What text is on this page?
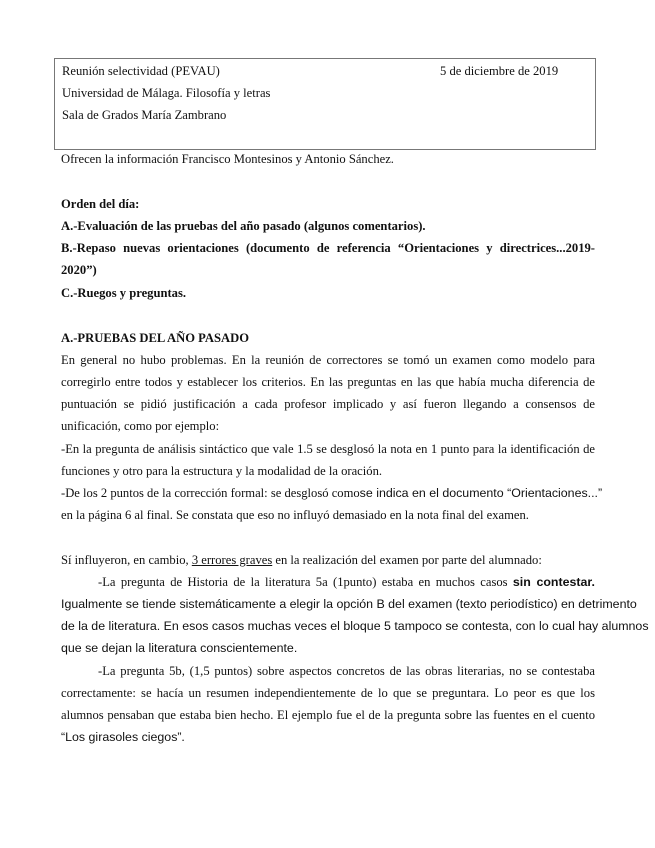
Reunión selectividad (PEVAU)	5 de diciembre de 2019
Universidad de Málaga. Filosofía y letras
Sala de Grados María Zambrano
Ofrecen la información Francisco Montesinos y Antonio Sánchez.
Orden del día:
A.-Evaluación de las pruebas del año pasado (algunos comentarios).
B.-Repaso nuevas orientaciones (documento de referencia “Orientaciones y directrices...2019-
2020”)
C.-Ruegos y preguntas.
A.-PRUEBAS DEL AÑO PASADO
En general no hubo problemas. En la reunión de correctores se tomó un examen como modelo para
corregirlo entre todos y establecer los criterios. En las preguntas en las que había mucha diferencia de
puntuación se pidió justificación a cada profesor implicado y así fueron llegando a consensos de
unificación, como por ejemplo:
-En la pregunta de análisis sintáctico que vale 1.5 se desglosó la nota en 1 punto para la identificación de
funciones y otro para la estructura y la modalidad de la oración.
-De los 2 puntos de la corrección formal: se desglosó comose indica en el documento “Orientaciones...”
en la página 6 al final. Se constata que eso no influyó demasiado en la nota final del examen.
Sí influyeron, en cambio, 3 errores graves en la realización del examen por parte del alumnado:
-La pregunta de Historia de la literatura 5a (1punto) estaba en muchos casos sin contestar.
Igualmente se tiende sistemáticamente a elegir la opción B del examen (texto periodístico) en detrimento
de la de literatura. En esos casos muchas veces el bloque 5 tampoco se contesta, con lo cual hay alumnos
que se dejan la literatura conscientemente.
-La pregunta 5b, (1,5 puntos) sobre aspectos concretos de las obras literarias, no se contestaba
correctamente: se hacía un resumen independientemente de lo que se preguntara. Lo peor es que los
alumnos pensaban que estaba bien hecho. El ejemplo fue el de la pregunta sobre las fuentes en el cuento
“Los girasoles ciegos”.
